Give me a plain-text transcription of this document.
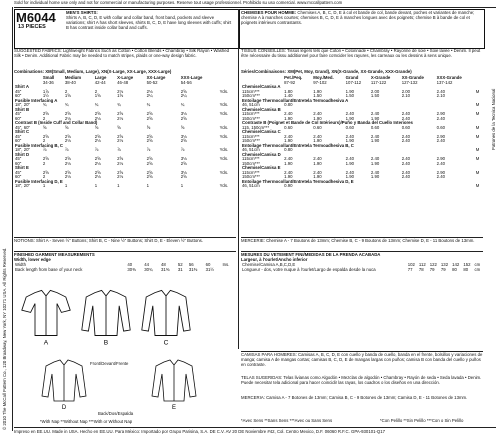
Sold for individual home use only and not for commercial or manufacturing purposes. Reserve tout usage professionnel. Prohibido su uso comercial. www.mccallpattern.com
© 2010 The McCall Pattern Co., 120 Broadway, New York, NY 10271 USA. All Rights Reserved.
Patrones de la Tecnica Nacional
M6044
13 PIECES
MEN'S SHIRTS:
Shirts A, B, C, D, E with collar and collar band, front band, pockets and sleeve variations; shirt A has short sleeves, shirts B, C, D, E have long sleeves with cuffs; shirt B has contrast inside collar band and cuffs.
CHEMISES POUR HOMME: Chemises A, B, C, D, E à col et bande de col, bande devant, poches et variantes de manche; chemise A à manches courtes; chemises B, C, D, E à manches longues avec des poignets; chemise B à bande de col et poignets intérieurs contrastants.
SUGGESTED FABRICS: Lightweight Fabrics Such as Cotton • Cotton Blends • Chambray • Silk Rayon • Washed Silk • Denim. Additional Fabric may be needed to match stripes, plaids or one-way design fabric.
TISSUS CONSEILLÉS: Tissus légers tels que Coton • Cotonnade • Chambray • Rayonne de soie • Soie lavée • Denim. Il peut être nécessaire du tissu additionnel pour faire coïncider les rayures, les carreaux ou les dessins à sens unique.
Combinations: XM(Small, Medium, Large), XN(X-Large, XX-Large, XXX-Large)	Séries/Combinaisons: XM(Pet, Moy, Grand), XN(X-Grande, XX-Grande, XXX-Grande)
	Small	Medium	Large	X-Large	XX-Large	XXX-Large	
	34-36	38-40	42-44	46-48	50-52	54-56	
Shirt A							
45"	1⅞	2	2	2⅛	2⅛	2⅝	Yds.
60"	1½	1⅝	1⅝	1⅝	2¼	2¼	
Fusible Interfacing A							
18", 20"	¾	¾	¾	¾	¾	¾	Yds.
Shirt B							
45"	2⅝	2⅝	2⅝	2⅝	2⅝	3⅛	Yds.
60"	2	2⅛	2⅛	2⅛	2⅝	2⅝	
Contrast B (Inside Cuff and Collar Band)							
45", 60"	⅝	⅝	⅝	⅝	⅝	⅝	Yds.
Shirt C							
45"	2⅝	2⅝	2⅝	2⅝	2⅝	3⅛	Yds.
60"	2	2⅛	2⅛	2⅛	2⅝	2⅝	
Fusible Interfacing B, C							
18", 20"	⅞	⅞	⅞	⅞	⅞	⅞	Yds.
Shirt D							
45"	2⅝	2⅝	2⅝	2⅝	2⅝	3⅛	Yds.
60"	2	2⅛	2⅛	2⅛	2⅝	2⅝	
Shirt E							
45"	2⅝	2⅝	2⅝	2⅝	2⅝	3⅛	Yds.
60"	2	2⅛	2⅛	2⅛	2⅝	2⅝	
Fusible Interfacing D, E							
18", 20"	1	1	1	1	1	1	Yds.
	Pet./Peq.	Moy./Med.	Grand	X-Grande	XX-Grande	XXX-Grande	
	87-92	97-102	107-112	117-122	127-132	137-142	
Chemise/Camisa A							
115cm***	1.80	1.90	1.90	2.00	2.00	2.40	M
150cm***	1.40	1.50	1.50	1.50	2.10	2.10	
Entoilage Thermocollant/Entretela Termoadhesiva A							
46, 51cm	0.80						M
Chemise/Camisa B							
115cm***	2.40	2.40	2.40	2.40	2.40	2.90	M
150cm***	1.90	1.90	1.90	1.90	2.40	2.40	
Contraste B (Poignet et Bande de Col Intérieurs)/Puño y Banda del Cuello Interiores							
115, 150cm***	0.60	0.60	0.60	0.60	0.60	0.60	M
Chemise/Camisa C							
115cm***	2.40	2.40	2.40	2.40	2.40	2.90	M
150cm***	1.90	1.90	1.90	1.90	2.40	2.40	
Entoilage Thermocollant/Entretela Termoadhesiva B, C							
46, 51cm	0.80						M
Chemise/Camisa D							
115cm***	2.40	2.40	2.40	2.40	2.40	2.90	M
150cm***	1.90	1.90	1.90	1.90	2.40	2.40	
Chemise/Camisa E							
115cm***	2.40	2.40	2.40	2.40	2.40	2.90	M
150cm***	1.90	1.90	1.90	1.90	2.40	2.40	
Entoilage Thermocollant/Entretela Termoadhesiva D, E							
46, 51cm	0.90						M
NOTIONS: Shirt A - Seven ½" Buttons; Shirt B, C - Nine ½" Buttons; Shirt D, E - Eleven ½" Buttons.	MERCERIE: Chemise A - 7 Boutons de 13mm; Chemise B, C - 9 Boutons de 13mm; Chemise D, E - 11 Boutons de 13mm.
FINISHED GARMENT MEASUREMENTS
Width, lower edge
Width	40	44	48	52	56	60	Ins.
Back length from base of your neck	30⅜	30¾	31⅜	31	31⅜	31½	
MESURES DU VETEMENT FINI/MEDIDAS DE LA PRENDA ACABADA
Largeur, à l'ourlet/Ancho inferior
Chemise/Camisa A,B,C,D,E	102	112	122	132	142	152	cm
Longueur - dos, votre nuque à l'ourlet/Largo de espalda desde la nuca	77	78	79	79	80	80	cm
CAMISAS PARA HOMBRES: Camisas A, B, C, D, E con cuello y banda de cuello, banda en el frente, bolsillos y variaciones de manga; camisa A de mangas cortas; camisas B, C, D, E de mangas largas con puños; camisa B con banda del cuello y puños en contraste.
TELAS SUGERIDAS: Telas livianas como Algodón • Mezclas de algodón • Chambray • Rayón de seda • Seda lavada • Denim. Puede necesitar tela adicional para hacer coincidir las rayas, los cuadros o los diseños en una dirección.
MERCERIA: Camisa A - 7 Botones de 13mm; Camisa B, C - 9 Botones de 13mm; Camisa D, E - 11 Botones de 13mm.
*Avec Sens **Sans Sens ***Avec ou Sans Sens	*Con Pelillo **Sin Pelillo ***Con o Sin Pelillo
A	B	C
D	E
Front/Devant/Frente
Back/Dos/Espalda
*With Nap **Without Nap ***With or Without Nap
Impreso en EE.UU. Made in USA. Hecho en EE.UU. Para México: Importado por Grupo Parisina, S.A. DE C.V. AV 20 DE Noviembre #42, Col. Centro Mexico, D.F. 06060 R.F.C. GPA-930101-Q17
